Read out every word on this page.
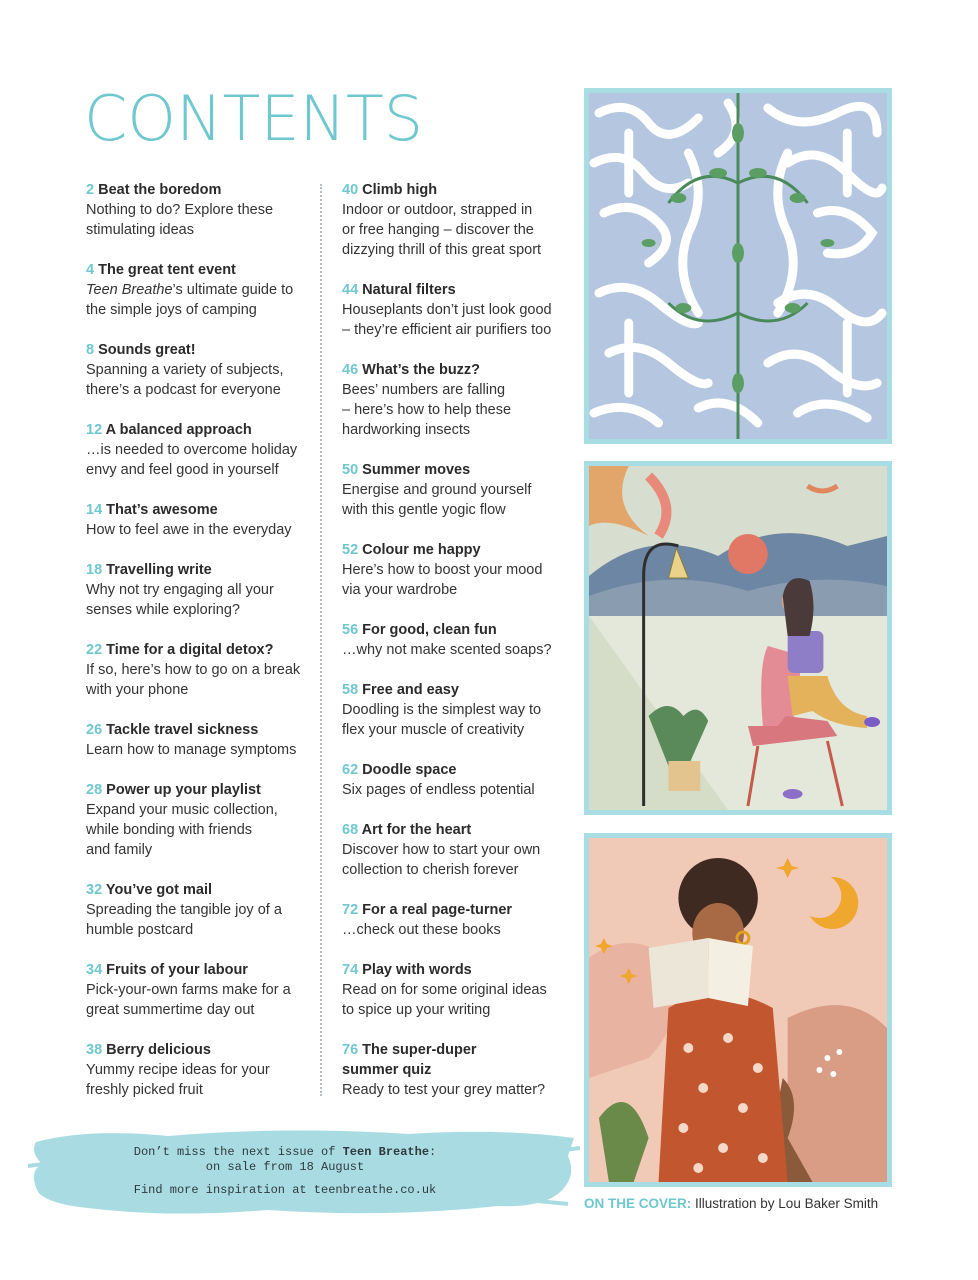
CONTENTS
2 Beat the boredom
Nothing to do? Explore these
stimulating ideas
4 The great tent event
Teen Breathe’s ultimate guide to
the simple joys of camping
8 Sounds great!
Spanning a variety of subjects,
there’s a podcast for everyone
12 A balanced approach
…is needed to overcome holiday
envy and feel good in yourself
14 That’s awesome
How to feel awe in the everyday
18 Travelling write
Why not try engaging all your
senses while exploring?
22 Time for a digital detox?
If so, here’s how to go on a break
with your phone
26 Tackle travel sickness
Learn how to manage symptoms
28 Power up your playlist
Expand your music collection,
while bonding with friends
and family
32 You’ve got mail
Spreading the tangible joy of a
humble postcard
34 Fruits of your labour
Pick-your-own farms make for a
great summertime day out
38 Berry delicious
Yummy recipe ideas for your
freshly picked fruit
40 Climb high
Indoor or outdoor, strapped in
or free hanging – discover the
dizzying thrill of this great sport
44 Natural filters
Houseplants don’t just look good
– they’re efficient air purifiers too
46 What’s the buzz?
Bees’ numbers are falling
– here’s how to help these
hardworking insects
50 Summer moves
Energise and ground yourself
with this gentle yogic flow
52 Colour me happy
Here’s how to boost your mood
via your wardrobe
56 For good, clean fun
…why not make scented soaps?
58 Free and easy
Doodling is the simplest way to
flex your muscle of creativity
62 Doodle space
Six pages of endless potential
68 Art for the heart
Discover how to start your own
collection to cherish forever
72 For a real page-turner
…check out these books
74 Play with words
Read on for some original ideas
to spice up your writing
76 The super-duper
summer quiz
Ready to test your grey matter?
ON THE COVER: Illustration by Lou Baker Smith
Don’t miss the next issue of Teen Breathe:
on sale from 18 August
Find more inspiration at teenbreathe.co.uk
